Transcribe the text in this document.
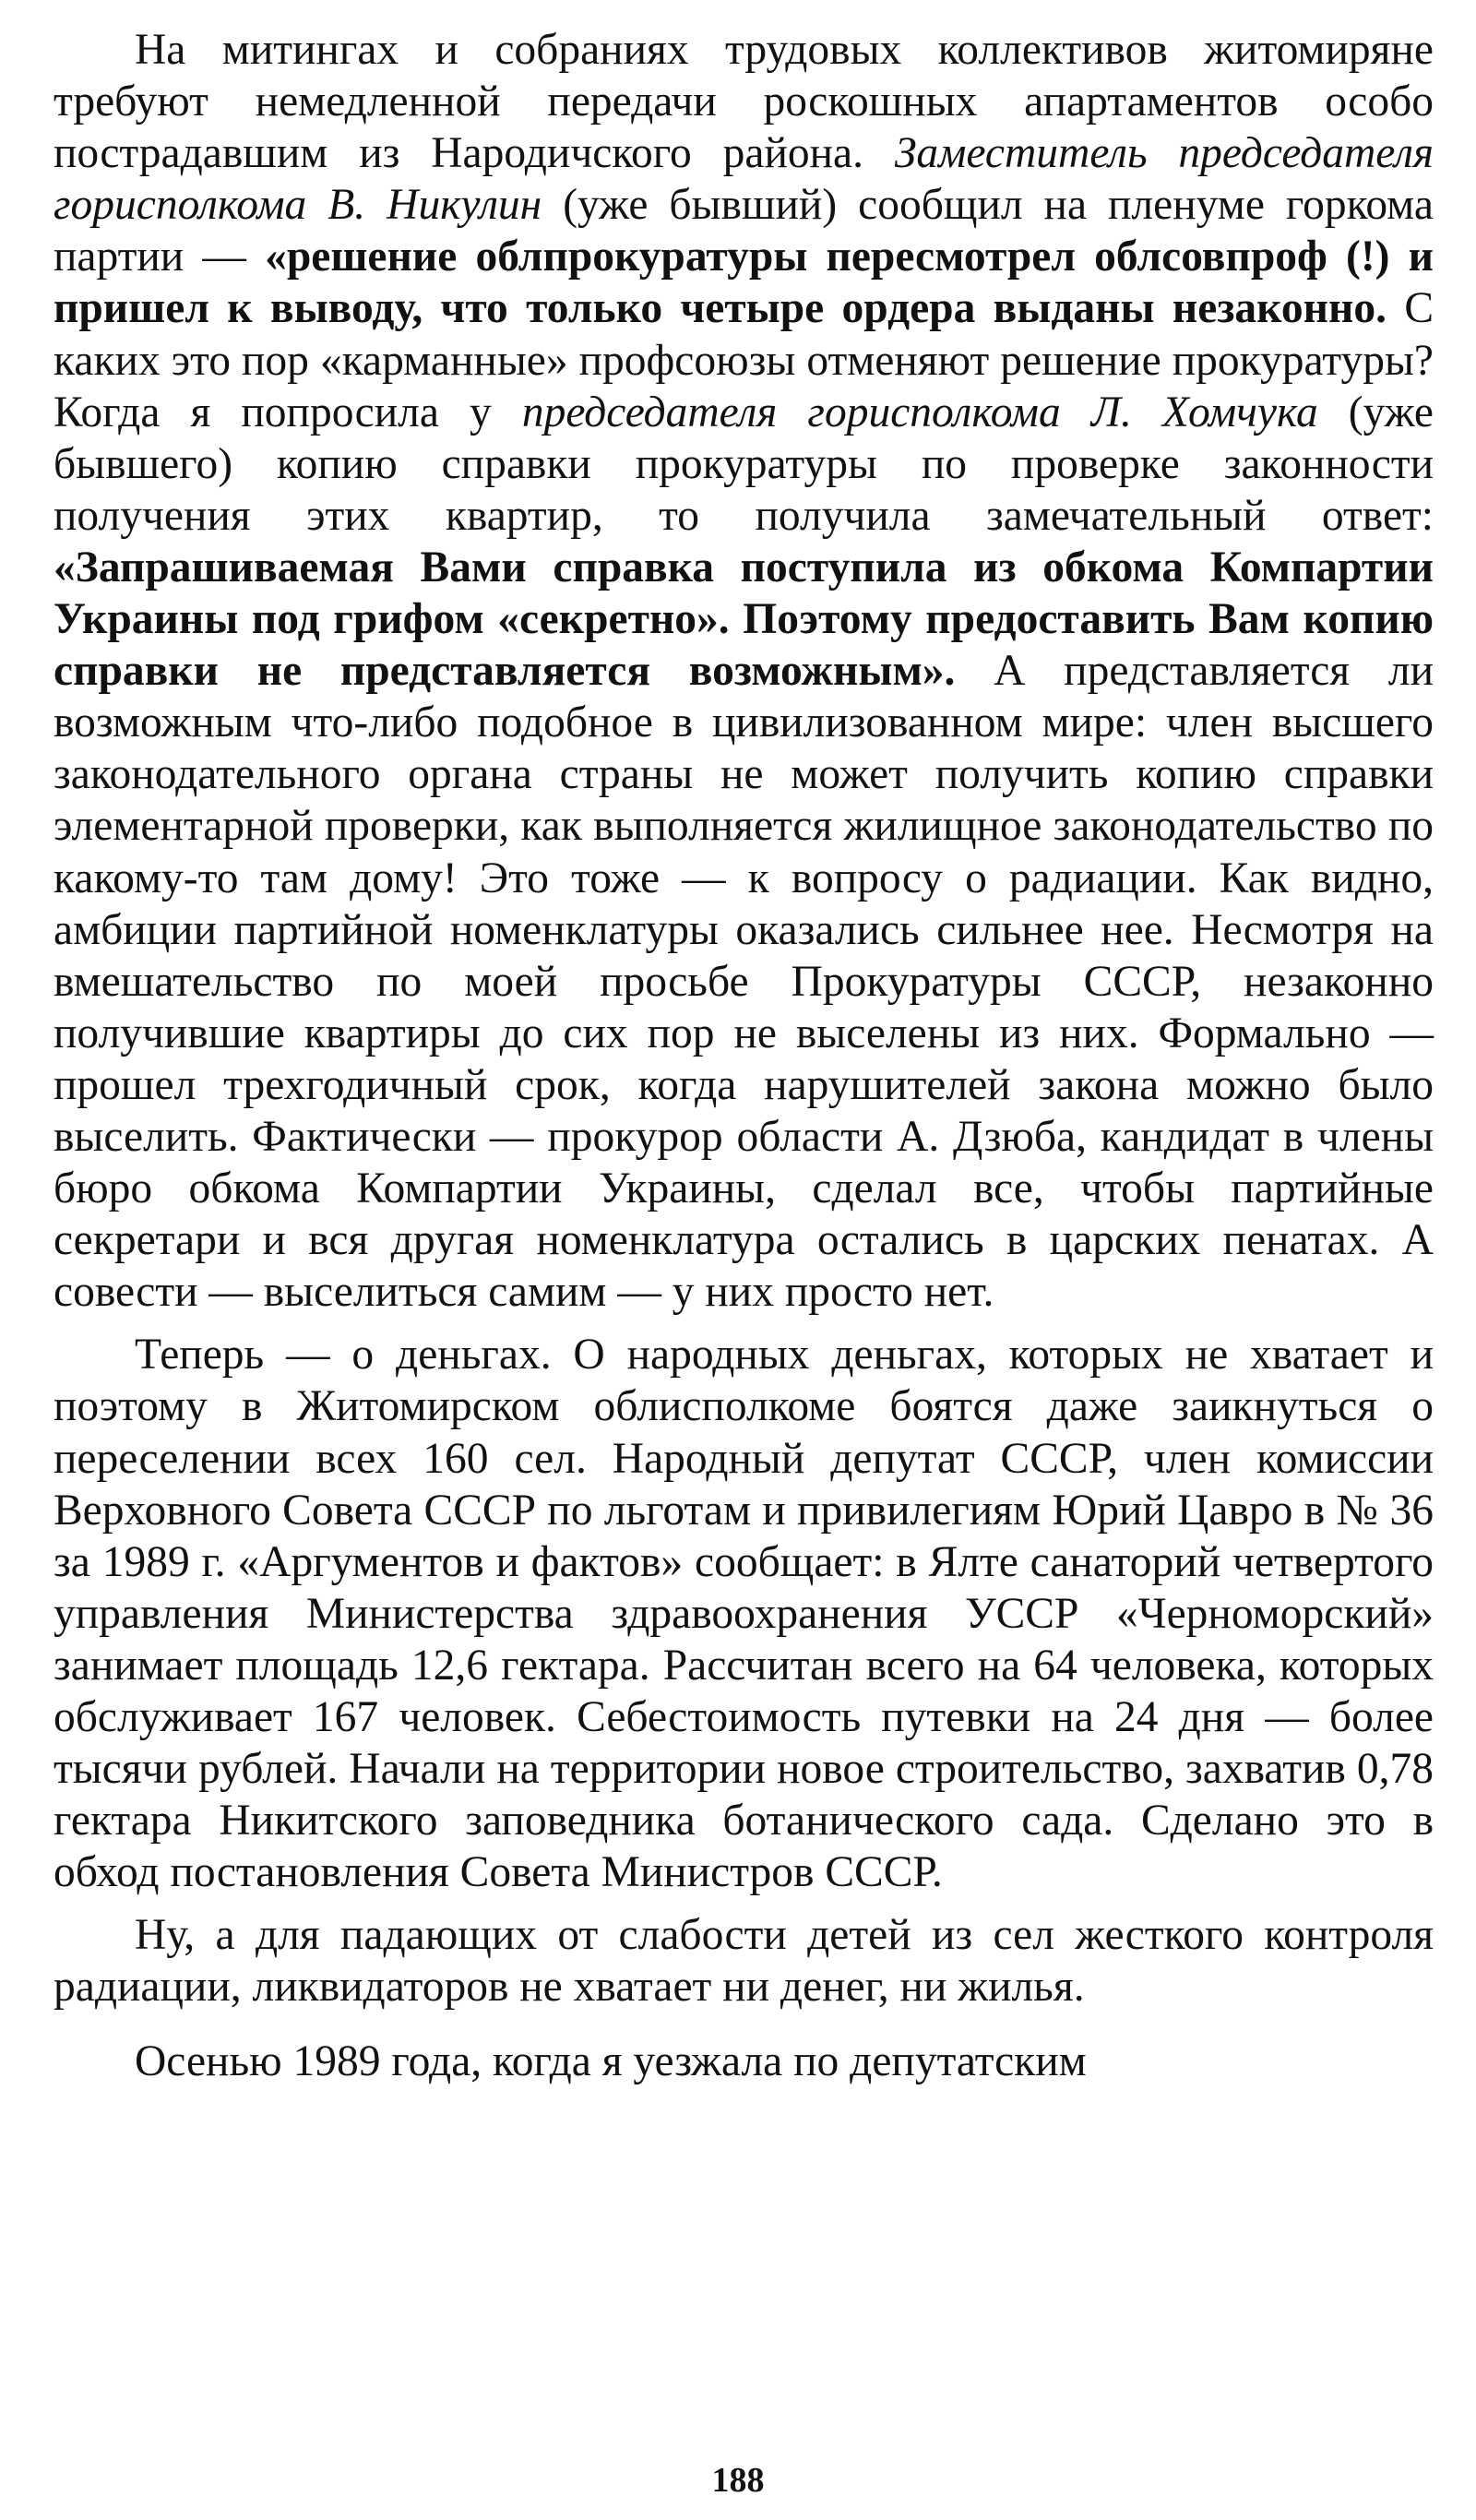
На митингах и собраниях трудовых коллективов житомиряне требуют немедленной передачи роскошных апартаментов особо пострадавшим из Народичского района. Заместитель председателя горисполкома В. Никулин (уже бывший) сообщил на пленуме горкома партии — «решение облпрокуратуры пересмотрел облсовпроф (!) и пришел к выводу, что только четыре ордера выданы незаконно. С каких это пор «карманные» профсоюзы отменяют решение прокуратуры? Когда я попросила у председателя горисполкома Л. Хомчука (уже бывшего) копию справки прокуратуры по проверке законности получения этих квартир, то получила замечательный ответ: «Запрашиваемая Вами справка поступила из обкома Компартии Украины под грифом «секретно». Поэтому предоставить Вам копию справки не представляется возможным». А представляется ли возможным что-либо подобное в цивилизованном мире: член высшего законодательного органа страны не может получить копию справки элементарной проверки, как выполняется жилищное законодательство по какому-то там дому! Это тоже — к вопросу о радиации. Как видно, амбиции партийной номенклатуры оказались сильнее нее. Несмотря на вмешательство по моей просьбе Прокуратуры СССР, незаконно получившие квартиры до сих пор не выселены из них. Формально — прошел трехгодичный срок, когда нарушителей закона можно было выселить. Фактически — прокурор области А. Дзюба, кандидат в члены бюро обкома Компартии Украины, сделал все, чтобы партийные секретари и вся другая номенклатура остались в царских пенатах. А совести — выселиться самим — у них просто нет.

Теперь — о деньгах. О народных деньгах, которых не хватает и поэтому в Житомирском облисполкоме боятся даже заикнуться о переселении всех 160 сел. Народный депутат СССР, член комиссии Верховного Совета СССР по льготам и привилегиям Юрий Цавро в № 36 за 1989 г. «Аргументов и фактов» сообщает: в Ялте санаторий четвертого управления Министерства здравоохранения УССР «Черноморский» занимает площадь 12,6 гектара. Рассчитан всего на 64 человека, которых обслуживает 167 человек. Себестоимость путевки на 24 дня — более тысячи рублей. Начали на территории новое строительство, захватив 0,78 гектара Никитского заповедника ботанического сада. Сделано это в обход постановления Совета Министров СССР.

Ну, а для падающих от слабости детей из сел жесткого контроля радиации, ликвидаторов не хватает ни денег, ни жилья.

Осенью 1989 года, когда я уезжала по депутатским

188
